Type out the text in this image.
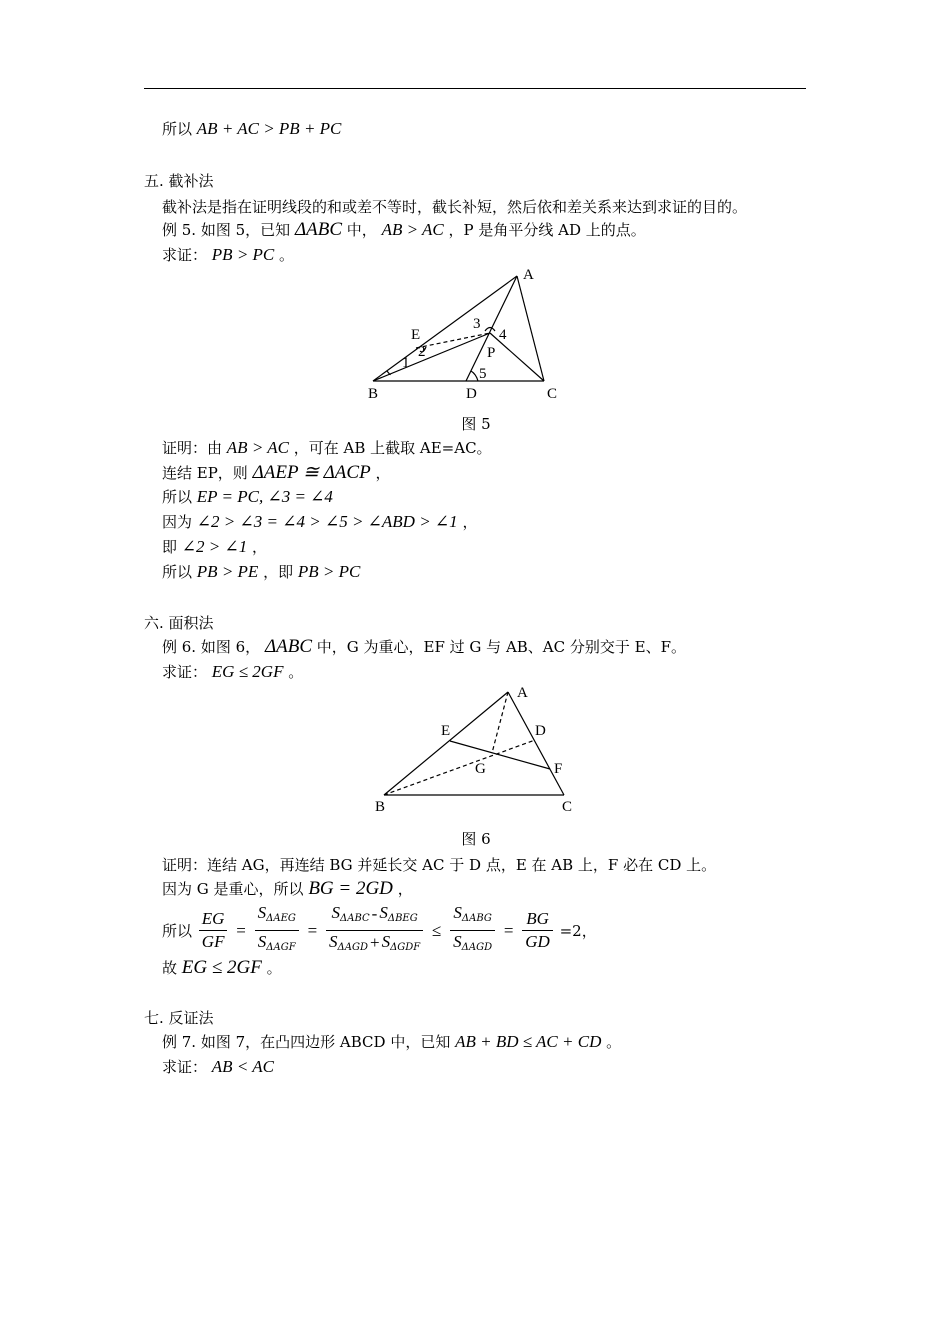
所以 AB + AC > PB + PC
五. 截补法
截补法是指在证明线段的和或差不等时，截长补短，然后依和差关系来达到求证的目的。
例 5. 如图 5，已知 ΔABC 中， AB > AC ，P 是角平分线 AD 上的点。
求证： PB > PC 。
A
B	C
D
E
P
1
2
3
4
5
图 5
证明：由 AB > AC ，可在 AB 上截取 AE=AC。
连结 EP，则 ΔAEP ≅ ΔACP ，
所以 EP = PC, ∠3 = ∠4
因为 ∠2 > ∠3 = ∠4 > ∠5 > ∠ABD > ∠1 ，
即 ∠2 > ∠1 ，
所以 PB > PE ，即 PB > PC
六. 面积法
例 6. 如图 6， ΔABC 中，G 为重心，EF 过 G 与 AB、AC 分别交于 E、F。
求证： EG ≤ 2GF 。
A
B	C
D
E
F
G
图 6
证明：连结 AG，再连结 BG 并延长交 AC 于 D 点，E 在 AB 上，F 必在 CD 上。
因为 G 是重心，所以 BG = 2GD ，
所以 $\frac{EG}{GF} = \frac{S_{\Delta AEG}}{S_{\Delta AGF}} = \frac{S_{\Delta ABC} - S_{\Delta BEG}}{S_{\Delta AGD} + S_{\Delta GDF}} \le \frac{S_{\Delta ABG}}{S_{\Delta AGD}} = \frac{BG}{GD} =2$，
故 EG ≤ 2GF 。
七. 反证法
例 7. 如图 7，在凸四边形 ABCD 中，已知 AB + BD ≤ AC + CD 。
求证： AB < AC
